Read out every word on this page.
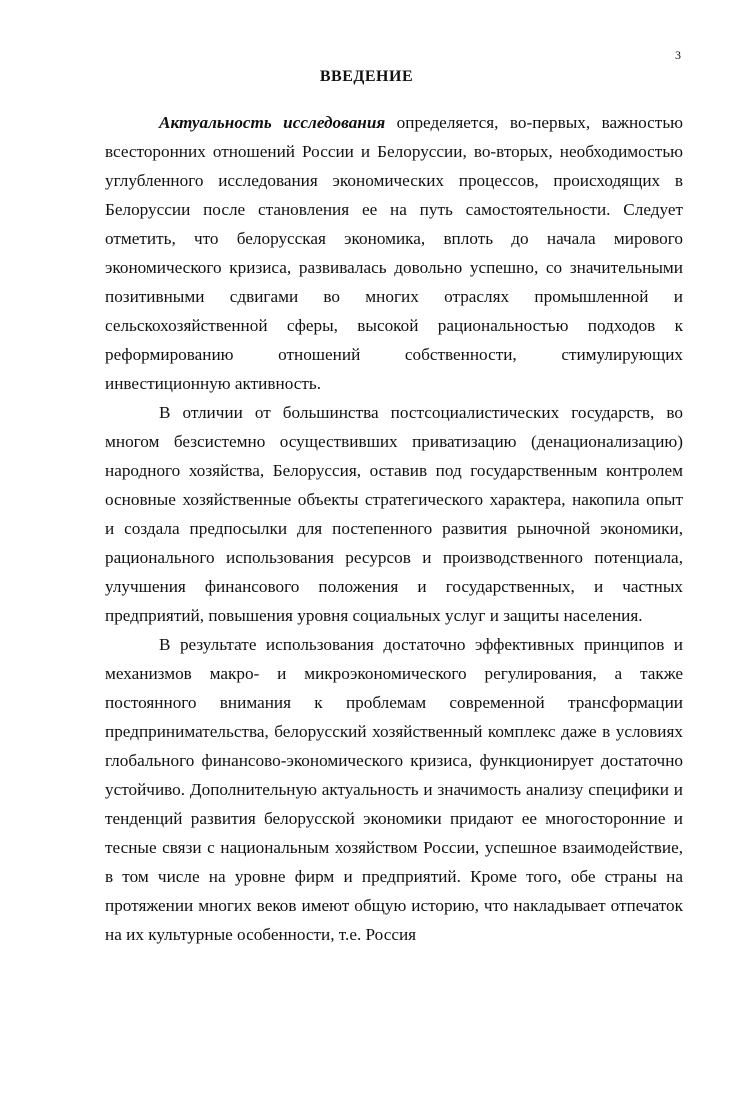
3
ВВЕДЕНИЕ

Актуальность исследования определяется, во-первых, важностью всесторонних отношений России и Белоруссии, во-вторых, необходимостью углубленного исследования экономических процессов, происходящих в Белоруссии после становления ее на путь самостоятельности. Следует отметить, что белорусская экономика, вплоть до начала мирового экономического кризиса, развивалась довольно успешно, со значительными позитивными сдвигами во многих отраслях промышленной и сельскохозяйственной сферы, высокой рациональностью подходов к реформированию отношений собственности, стимулирующих инвестиционную активность.

В отличии от большинства постсоциалистических государств, во многом безсистемно осуществивших приватизацию (денационализацию) народного хозяйства, Белоруссия, оставив под государственным контролем основные хозяйственные объекты стратегического характера, накопила опыт и создала предпосылки для постепенного развития рыночной экономики, рационального использования ресурсов и производственного потенциала, улучшения финансового положения и государственных, и частных предприятий, повышения уровня социальных услуг и защиты населения.

В результате использования достаточно эффективных принципов и механизмов макро- и микроэкономического регулирования, а также постоянного внимания к проблемам современной трансформации предпринимательства, белорусский хозяйственный комплекс даже в условиях глобального финансово-экономического кризиса, функционирует достаточно устойчиво. Дополнительную актуальность и значимость анализу специфики и тенденций развития белорусской экономики придают ее многосторонние и тесные связи с национальным хозяйством России, успешное взаимодействие, в том числе на уровне фирм и предприятий. Кроме того, обе страны на протяжении многих веков имеют общую историю, что накладывает отпечаток на их культурные особенности, т.е. Россия
